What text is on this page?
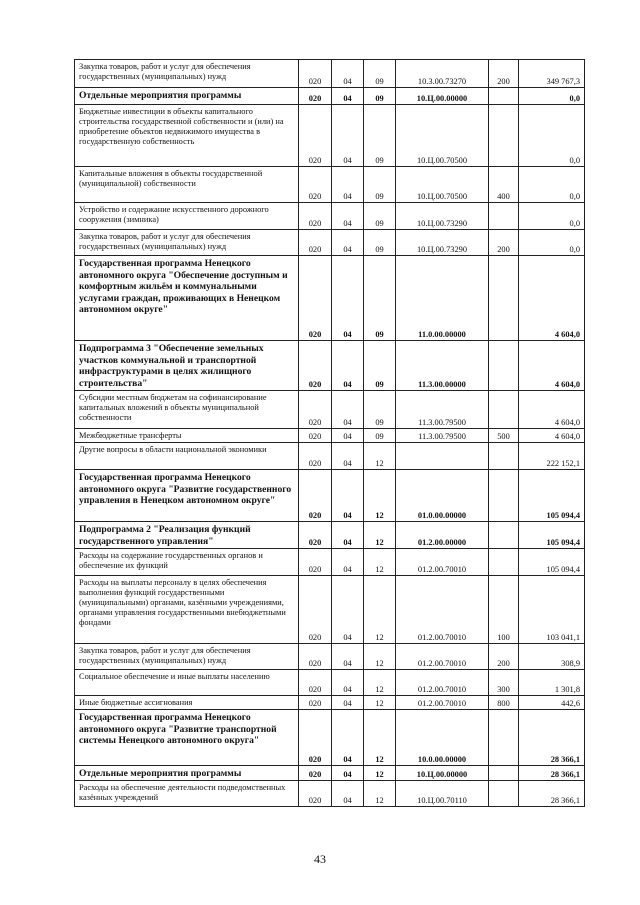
Закупка товаров, работ и услуг для обеспечения государственных (муниципальных) нужд	020	04	09	10.3.00.73270	200	349 767,3
Отдельные мероприятия программы	020	04	09	10.Ц.00.00000		0,0
Бюджетные инвестиции в объекты капитального строительства государственной собственности и (или) на приобретение объектов недвижимого имущества в государственную собственность	020	04	09	10.Ц.00.70500		0,0
Капитальные вложения в объекты государственной (муниципальной) собственности	020	04	09	10.Ц.00.70500	400	0,0
Устройство и содержание искусственного дорожного сооружения (зимника)	020	04	09	10.Ц.00.73290		0,0
Закупка товаров, работ и услуг для обеспечения государственных (муниципальных) нужд	020	04	09	10.Ц.00.73290	200	0,0
Государственная программа Ненецкого автономного округа "Обеспечение доступным и комфортным жильём и коммунальными услугами граждан, проживающих в Ненецком автономном округе"	020	04	09	11.0.00.00000		4 604,0
Подпрограмма 3 "Обеспечение земельных участков коммунальной и транспортной инфраструктурами в целях жилищного строительства"	020	04	09	11.3.00.00000		4 604,0
Субсидии местным бюджетам на софинансирование капитальных вложений в объекты муниципальной собственности	020	04	09	11.3.00.79500		4 604,0
Межбюджетные трансферты	020	04	09	11.3.00.79500	500	4 604,0
Другие вопросы в области национальной экономики	020	04	12			222 152,1
Государственная программа Ненецкого автономного округа "Развитие государственного управления в Ненецком автономном округе"	020	04	12	01.0.00.00000		105 094,4
Подпрограмма 2 "Реализация функций государственного управления"	020	04	12	01.2.00.00000		105 094,4
Расходы на содержание государственных органов и обеспечение их функций	020	04	12	01.2.00.70010		105 094,4
Расходы на выплаты персоналу в целях обеспечения выполнения функций государственными (муниципальными) органами, казёнными учреждениями, органами управления государственными внебюджетными фондами	020	04	12	01.2.00.70010	100	103 041,1
Закупка товаров, работ и услуг для обеспечения государственных (муниципальных) нужд	020	04	12	01.2.00.70010	200	308,9
Социальное обеспечение и иные выплаты населению	020	04	12	01.2.00.70010	300	1 301,8
Иные бюджетные ассигнования	020	04	12	01.2.00.70010	800	442,6
Государственная программа Ненецкого автономного округа "Развитие транспортной системы Ненецкого автономного округа"	020	04	12	10.0.00.00000		28 366,1
Отдельные мероприятия программы	020	04	12	10.Ц.00.00000		28 366,1
Расходы на обеспечение деятельности подведомственных казённых учреждений	020	04	12	10.Ц.00.70110		28 366,1
43
